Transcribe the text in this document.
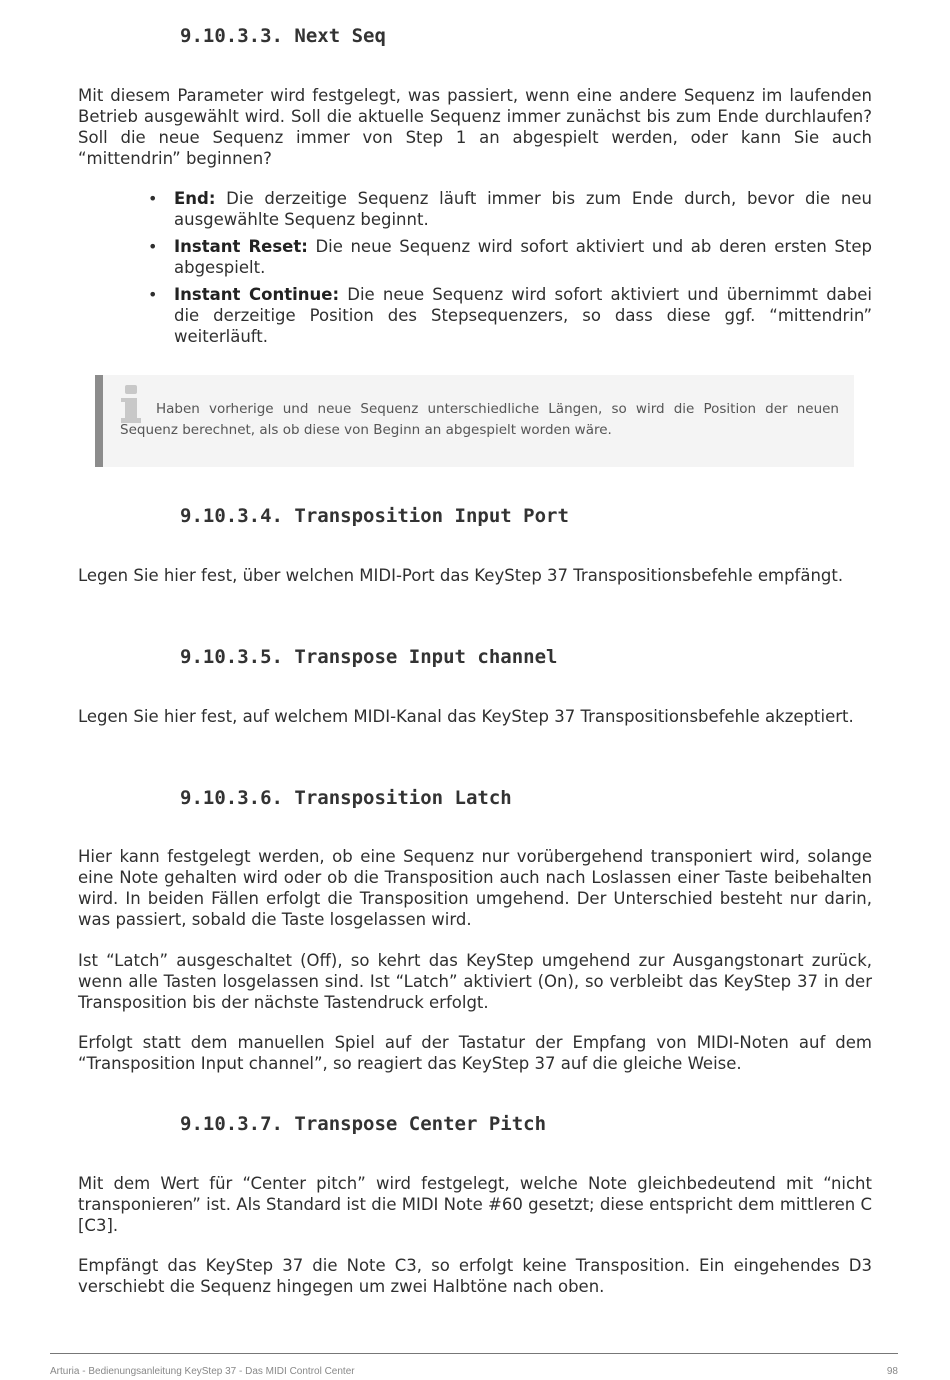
9.10.3.3. Next Seq

Mit diesem Parameter wird festgelegt, was passiert, wenn eine andere Sequenz im laufenden Betrieb ausgewählt wird. Soll die aktuelle Sequenz immer zunächst bis zum Ende durchlaufen? Soll die neue Sequenz immer von Step 1 an abgespielt werden, oder kann Sie auch “mittendrin” beginnen?

• End: Die derzeitige Sequenz läuft immer bis zum Ende durch, bevor die neu ausgewählte Sequenz beginnt.
• Instant Reset: Die neue Sequenz wird sofort aktiviert und ab deren ersten Step abgespielt.
• Instant Continue: Die neue Sequenz wird sofort aktiviert und übernimmt dabei die derzeitige Position des Stepsequenzers, so dass diese ggf. “mittendrin” weiterläuft.

Haben vorherige und neue Sequenz unterschiedliche Längen, so wird die Position der neuen Sequenz berechnet, als ob diese von Beginn an abgespielt worden wäre.

9.10.3.4. Transposition Input Port

Legen Sie hier fest, über welchen MIDI-Port das KeyStep 37 Transpositionsbefehle empfängt.

9.10.3.5. Transpose Input channel

Legen Sie hier fest, auf welchem MIDI-Kanal das KeyStep 37 Transpositionsbefehle akzeptiert.

9.10.3.6. Transposition Latch

Hier kann festgelegt werden, ob eine Sequenz nur vorübergehend transponiert wird, solange eine Note gehalten wird oder ob die Transposition auch nach Loslassen einer Taste beibehalten wird. In beiden Fällen erfolgt die Transposition umgehend. Der Unterschied besteht nur darin, was passiert, sobald die Taste losgelassen wird.

Ist “Latch” ausgeschaltet (Off), so kehrt das KeyStep umgehend zur Ausgangstonart zurück, wenn alle Tasten losgelassen sind. Ist “Latch” aktiviert (On), so verbleibt das KeyStep 37 in der Transposition bis der nächste Tastendruck erfolgt.

Erfolgt statt dem manuellen Spiel auf der Tastatur der Empfang von MIDI-Noten auf dem “Transposition Input channel”, so reagiert das KeyStep 37 auf die gleiche Weise.

9.10.3.7. Transpose Center Pitch

Mit dem Wert für “Center pitch” wird festgelegt, welche Note gleichbedeutend mit “nicht transponieren” ist. Als Standard ist die MIDI Note #60 gesetzt; diese entspricht dem mittleren C [C3].

Empfängt das KeyStep 37 die Note C3, so erfolgt keine Transposition. Ein eingehendes D3 verschiebt die Sequenz hingegen um zwei Halbtöne nach oben.

Arturia - Bedienungsanleitung KeyStep 37 - Das MIDI Control Center	98
